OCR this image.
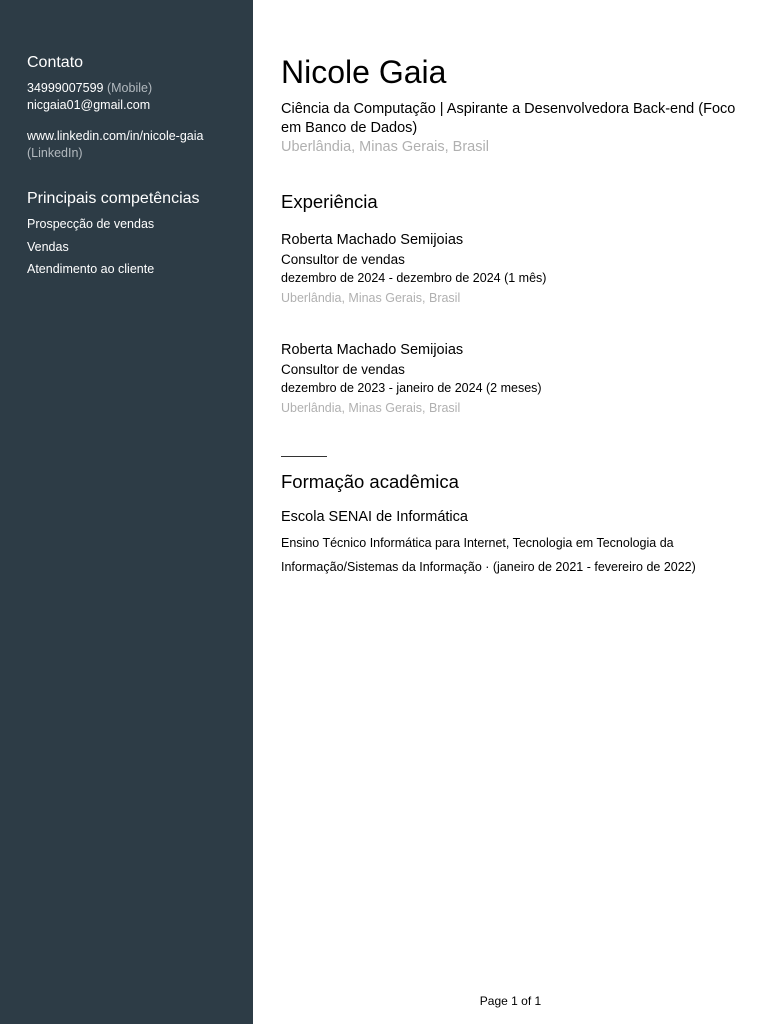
Contato
34999007599 (Mobile)
nicgaia01@gmail.com
www.linkedin.com/in/nicole-gaia
(LinkedIn)
Principais competências
Prospecção de vendas
Vendas
Atendimento ao cliente
Nicole Gaia
Ciência da Computação | Aspirante a Desenvolvedora Back-end (Foco em Banco de Dados)
Uberlândia, Minas Gerais, Brasil
Experiência
Roberta Machado Semijoias
Consultor de vendas
dezembro de 2024 - dezembro de 2024 (1 mês)
Uberlândia, Minas Gerais, Brasil
Roberta Machado Semijoias
Consultor de vendas
dezembro de 2023 - janeiro de 2024 (2 meses)
Uberlândia, Minas Gerais, Brasil
Formação acadêmica
Escola SENAI de Informática
Ensino Técnico Informática para Internet, Tecnologia em Tecnologia da Informação/Sistemas da Informação · (janeiro de 2021 - fevereiro de 2022)
Page 1 of 1
